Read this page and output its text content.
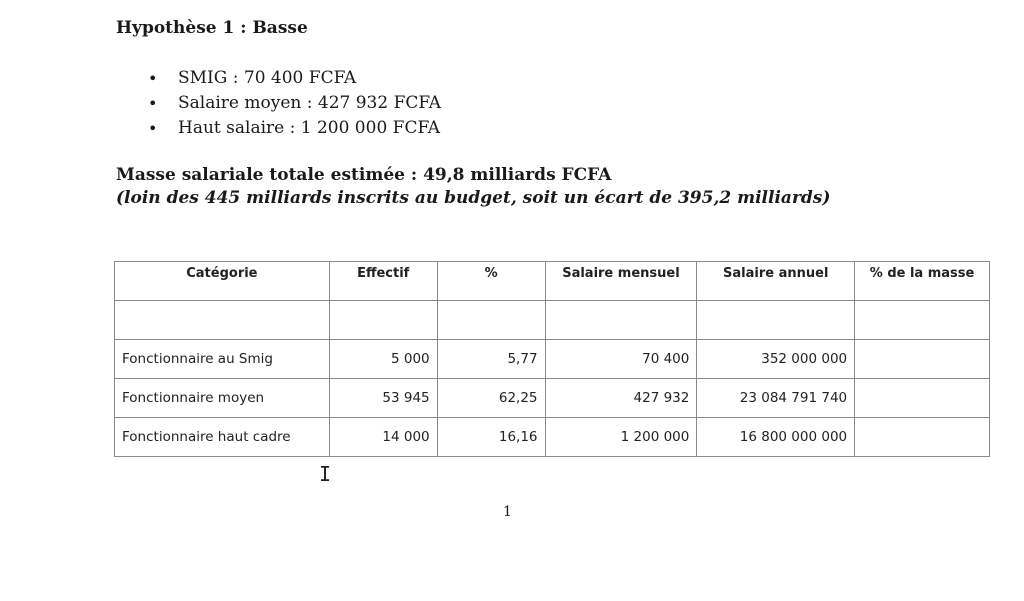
Hypothèse 1 : Basse
• SMIG : 70 400 FCFA
• Salaire moyen : 427 932 FCFA
• Haut salaire : 1 200 000 FCFA
Masse salariale totale estimée : 49,8 milliards FCFA
(loin des 445 milliards inscrits au budget, soit un écart de 395,2 milliards)
Catégorie	Effectif	%	Salaire mensuel	Salaire annuel	% de la masse

Fonctionnaire au Smig	5 000	5,77	70 400	352 000 000	
Fonctionnaire moyen	53 945	62,25	427 932	23 084 791 740	
Fonctionnaire haut cadre	14 000	16,16	1 200 000	16 800 000 000	
I
1
